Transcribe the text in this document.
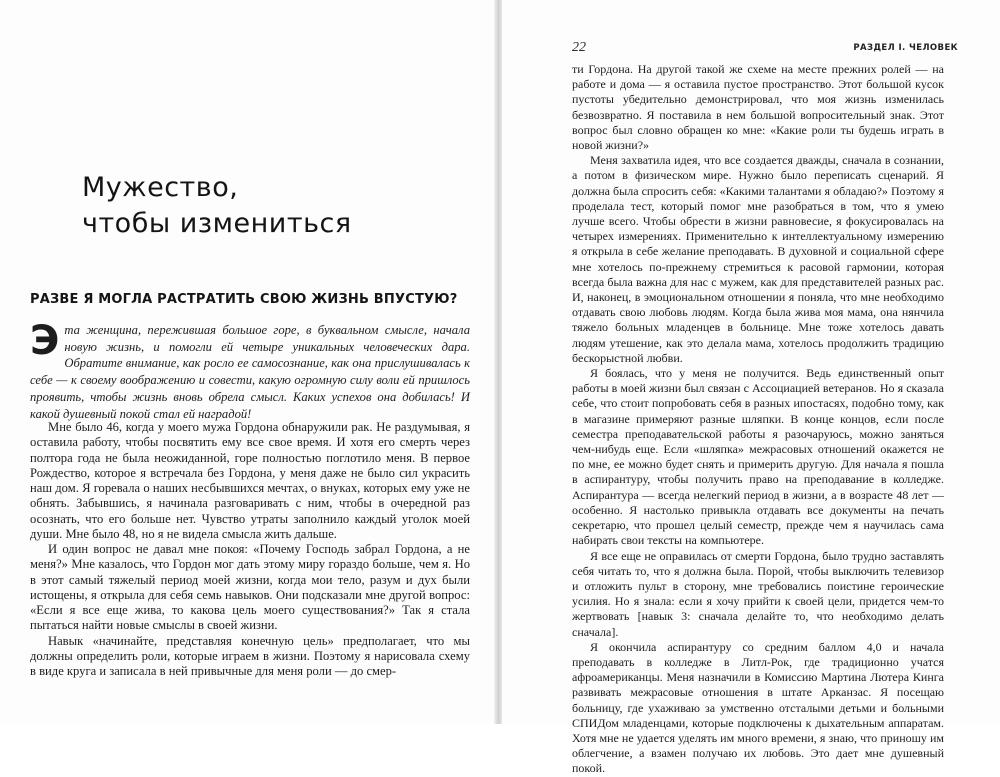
Мужество,
чтобы измениться
РАЗВЕ Я МОГЛА РАСТРАТИТЬ СВОЮ ЖИЗНЬ ВПУСТУЮ?

Эта женщина, пережившая большое горе, в буквальном смысле, начала новую жизнь, и помогли ей четыре уникальных человеческих дара. Обратите внимание, как росло ее самосознание, как она прислушивалась к себе — к своему воображению и совести, какую огромную силу воли ей пришлось проявить, чтобы жизнь вновь обрела смысл. Каких успехов она добилась! И какой душевный покой стал ей наградой!

Мне было 46, когда у моего мужа Гордона обнаружили рак. Не раздумывая, я оставила работу, чтобы посвятить ему все свое время. И хотя его смерть через полтора года не была неожиданной, горе полностью поглотило меня. В первое Рождество, которое я встречала без Гордона, у меня даже не было сил украсить наш дом. Я горевала о наших несбывшихся мечтах, о внуках, которых ему уже не обнять. Забывшись, я начинала разговаривать с ним, чтобы в очередной раз осознать, что его больше нет. Чувство утраты заполнило каждый уголок моей души. Мне было 48, но я не видела смысла жить дальше.

И один вопрос не давал мне покоя: «Почему Господь забрал Гордона, а не меня?» Мне казалось, что Гордон мог дать этому миру гораздо больше, чем я. Но в этот самый тяжелый период моей жизни, когда мои тело, разум и дух были истощены, я открыла для себя семь навыков. Они подсказали мне другой вопрос: «Если я все еще жива, то какова цель моего существования?» Так я стала пытаться найти новые смыслы в своей жизни.

Навык «начинайте, представляя конечную цель» предполагает, что мы должны определить роли, которые играем в жизни. Поэтому я нарисовала схему в виде круга и записала в ней привычные для меня роли — до смер-

22	РАЗДЕЛ I. ЧЕЛОВЕК

ти Гордона. На другой такой же схеме на месте прежних ролей — на работе и дома — я оставила пустое пространство. Этот большой кусок пустоты убедительно демонстрировал, что моя жизнь изменилась безвозвратно. Я поставила в нем большой вопросительный знак. Этот вопрос был словно обращен ко мне: «Какие роли ты будешь играть в новой жизни?»

Меня захватила идея, что все создается дважды, сначала в сознании, а потом в физическом мире. Нужно было переписать сценарий. Я должна была спросить себя: «Какими талантами я обладаю?» Поэтому я проделала тест, который помог мне разобраться в том, что я умею лучше всего. Чтобы обрести в жизни равновесие, я фокусировалась на четырех измерениях. Применительно к интеллектуальному измерению я открыла в себе желание преподавать. В духовной и социальной сфере мне хотелось по-прежнему стремиться к расовой гармонии, которая всегда была важна для нас с мужем, как для представителей разных рас. И, наконец, в эмоциональном отношении я поняла, что мне необходимо отдавать свою любовь людям. Когда была жива моя мама, она нянчила тяжело больных младенцев в больнице. Мне тоже хотелось давать людям утешение, как это делала мама, хотелось продолжить традицию бескорыстной любви.

Я боялась, что у меня не получится. Ведь единственный опыт работы в моей жизни был связан с Ассоциацией ветеранов. Но я сказала себе, что стоит попробовать себя в разных ипостасях, подобно тому, как в магазине примеряют разные шляпки. В конце концов, если после семестра преподавательской работы я разочаруюсь, можно заняться чем-нибудь еще. Если «шляпка» межрасовых отношений окажется не по мне, ее можно будет снять и примерить другую. Для начала я пошла в аспирантуру, чтобы получить право на преподавание в колледже. Аспирантура — всегда нелегкий период в жизни, а в возрасте 48 лет — особенно. Я настолько привыкла отдавать все документы на печать секретарю, что прошел целый семестр, прежде чем я научилась сама набирать свои тексты на компьютере.

Я все еще не оправилась от смерти Гордона, было трудно заставлять себя читать то, что я должна была. Порой, чтобы выключить телевизор и отложить пульт в сторону, мне требовались поистине героические усилия. Но я знала: если я хочу прийти к своей цели, придется чем-то жертвовать [навык 3: сначала делайте то, что необходимо делать сначала].

Я окончила аспирантуру со средним баллом 4,0 и начала преподавать в колледже в Литл-Рок, где традиционно учатся афроамериканцы. Меня назначили в Комиссию Мартина Лютера Кинга развивать межрасовые отношения в штате Арканзас. Я посещаю больницу, где ухаживаю за умственно отсталыми детьми и больными СПИДом младенцами, которые подключены к дыхательным аппаратам. Хотя мне не удается уделять им много времени, я знаю, что приношу им облегчение, а взамен получаю их любовь. Это дает мне душевный покой.
